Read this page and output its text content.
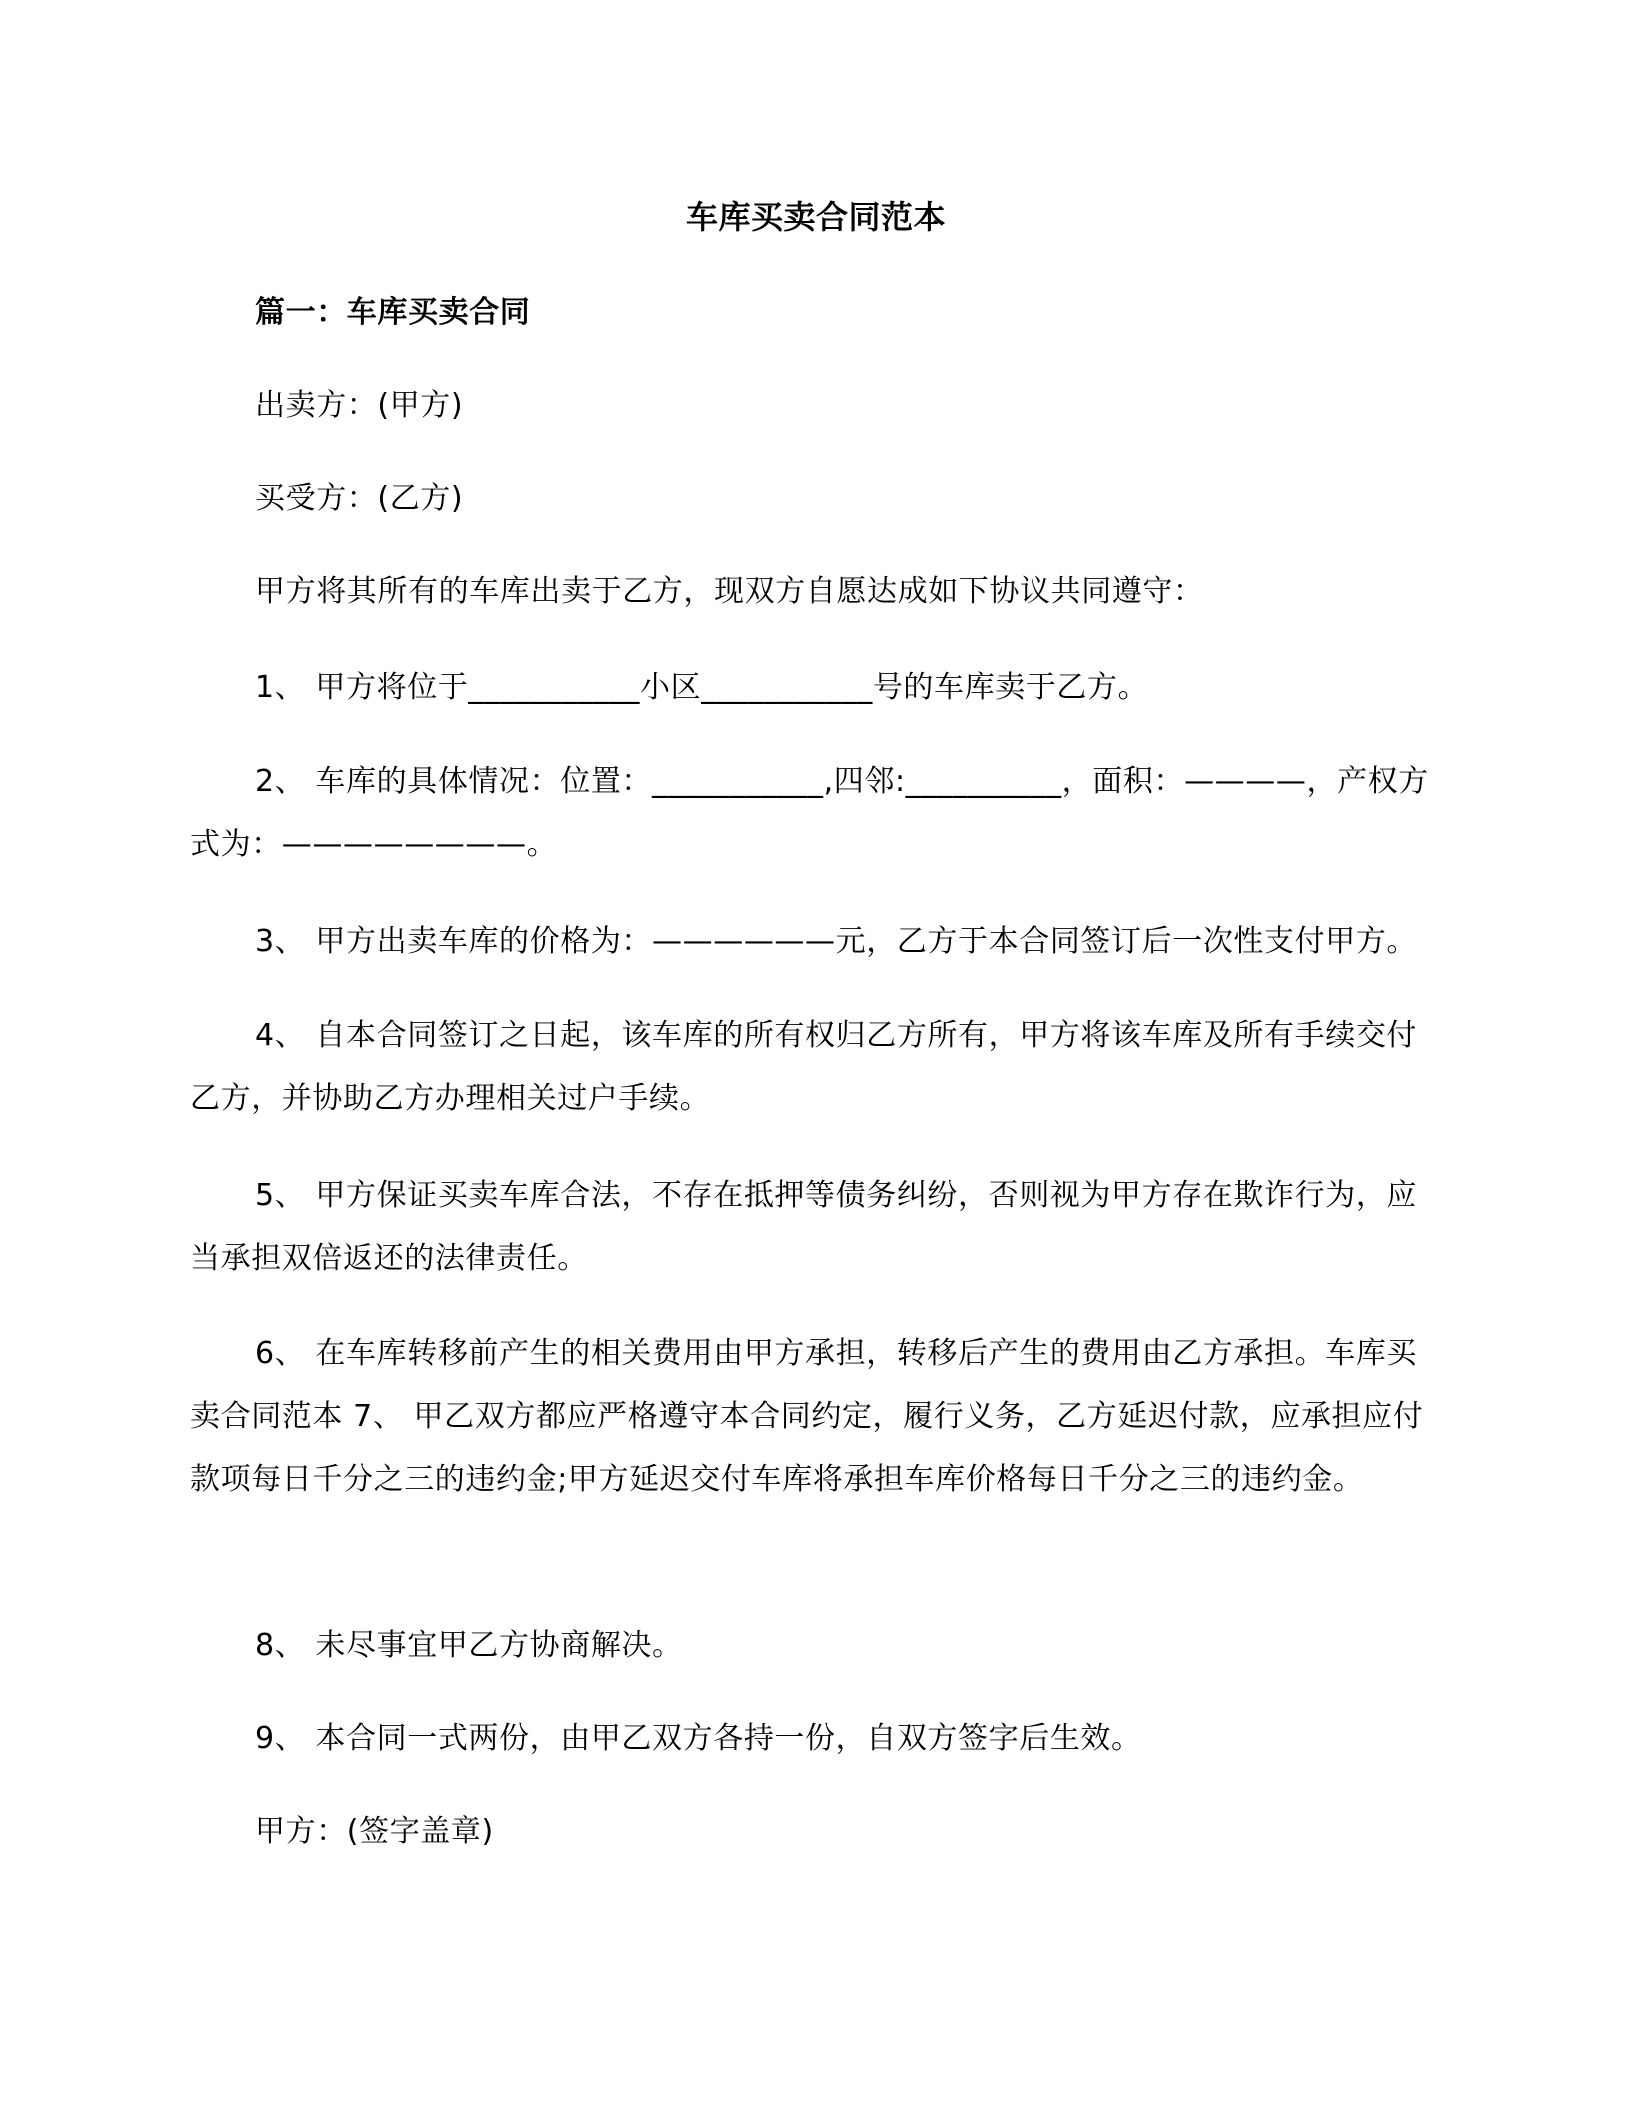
车库买卖合同范本
篇一：车库买卖合同
出卖方：(甲方)
买受方：(乙方)
甲方将其所有的车库出卖于乙方，现双方自愿达成如下协议共同遵守：
1、 甲方将位于___________小区___________号的车库卖于乙方。
2、 车库的具体情况：位置：___________,四邻:__________，面积：————，产权方式为：————————。
3、 甲方出卖车库的价格为：——————元，乙方于本合同签订后一次性支付甲方。
4、 自本合同签订之日起，该车库的所有权归乙方所有，甲方将该车库及所有手续交付乙方，并协助乙方办理相关过户手续。
5、 甲方保证买卖车库合法，不存在抵押等债务纠纷，否则视为甲方存在欺诈行为，应当承担双倍返还的法律责任。
6、 在车库转移前产生的相关费用由甲方承担，转移后产生的费用由乙方承担。车库买卖合同范本 7、 甲乙双方都应严格遵守本合同约定，履行义务，乙方延迟付款，应承担应付款项每日千分之三的违约金;甲方延迟交付车库将承担车库价格每日千分之三的违约金。
8、 未尽事宜甲乙方协商解决。
9、 本合同一式两份，由甲乙双方各持一份，自双方签字后生效。
甲方：(签字盖章)
